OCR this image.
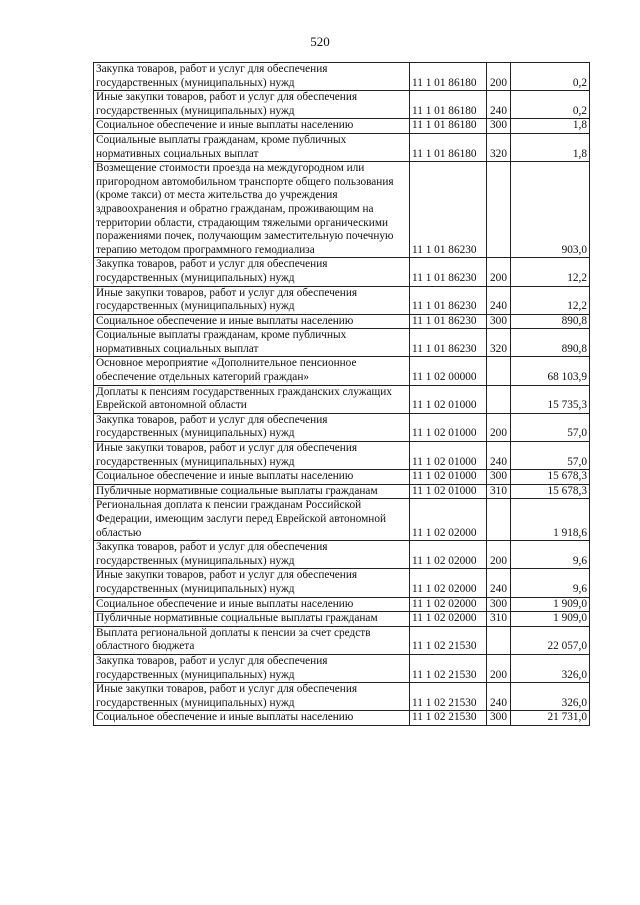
520
Закупка товаров, работ и услуг для обеспечения государственных (муниципальных) нужд	11 1 01 86180	200	0,2

Иные закупки товаров, работ и услуг для обеспечения государственных (муниципальных) нужд	11 1 01 86180	240	0,2

Социальное обеспечение и иные выплаты населению	11 1 01 86180	300	1,8

Социальные выплаты гражданам, кроме публичных нормативных социальных выплат	11 1 01 86180	320	1,8

Возмещение стоимости проезда на междугородном или пригородном автомобильном транспорте общего пользования (кроме такси) от места жительства до учреждения здравоохранения и обратно гражданам, проживающим на территории области, страдающим тяжелыми органическими поражениями почек, получающим заместительную почечную терапию методом программного гемодиализа	11 1 01 86230		903,0

Закупка товаров, работ и услуг для обеспечения государственных (муниципальных) нужд	11 1 01 86230	200	12,2

Иные закупки товаров, работ и услуг для обеспечения государственных (муниципальных) нужд	11 1 01 86230	240	12,2

Социальное обеспечение и иные выплаты населению	11 1 01 86230	300	890,8

Социальные выплаты гражданам, кроме публичных нормативных социальных выплат	11 1 01 86230	320	890,8

Основное мероприятие «Дополнительное пенсионное обеспечение отдельных категорий граждан»	11 1 02 00000		68 103,9

Доплаты к пенсиям государственных гражданских служащих Еврейской автономной области	11 1 02 01000		15 735,3

Закупка товаров, работ и услуг для обеспечения государственных (муниципальных) нужд	11 1 02 01000	200	57,0

Иные закупки товаров, работ и услуг для обеспечения государственных (муниципальных) нужд	11 1 02 01000	240	57,0

Социальное обеспечение и иные выплаты населению	11 1 02 01000	300	15 678,3

Публичные нормативные социальные выплаты гражданам	11 1 02 01000	310	15 678,3

Региональная доплата к пенсии гражданам Российской Федерации, имеющим заслуги перед Еврейской автономной областью	11 1 02 02000		1 918,6

Закупка товаров, работ и услуг для обеспечения государственных (муниципальных) нужд	11 1 02 02000	200	9,6

Иные закупки товаров, работ и услуг для обеспечения государственных (муниципальных) нужд	11 1 02 02000	240	9,6

Социальное обеспечение и иные выплаты населению	11 1 02 02000	300	1 909,0

Публичные нормативные социальные выплаты гражданам	11 1 02 02000	310	1 909,0

Выплата региональной доплаты к пенсии за счет средств областного бюджета	11 1 02 21530		22 057,0

Закупка товаров, работ и услуг для обеспечения государственных (муниципальных) нужд	11 1 02 21530	200	326,0

Иные закупки товаров, работ и услуг для обеспечения государственных (муниципальных) нужд	11 1 02 21530	240	326,0

Социальное обеспечение и иные выплаты населению	11 1 02 21530	300	21 731,0
